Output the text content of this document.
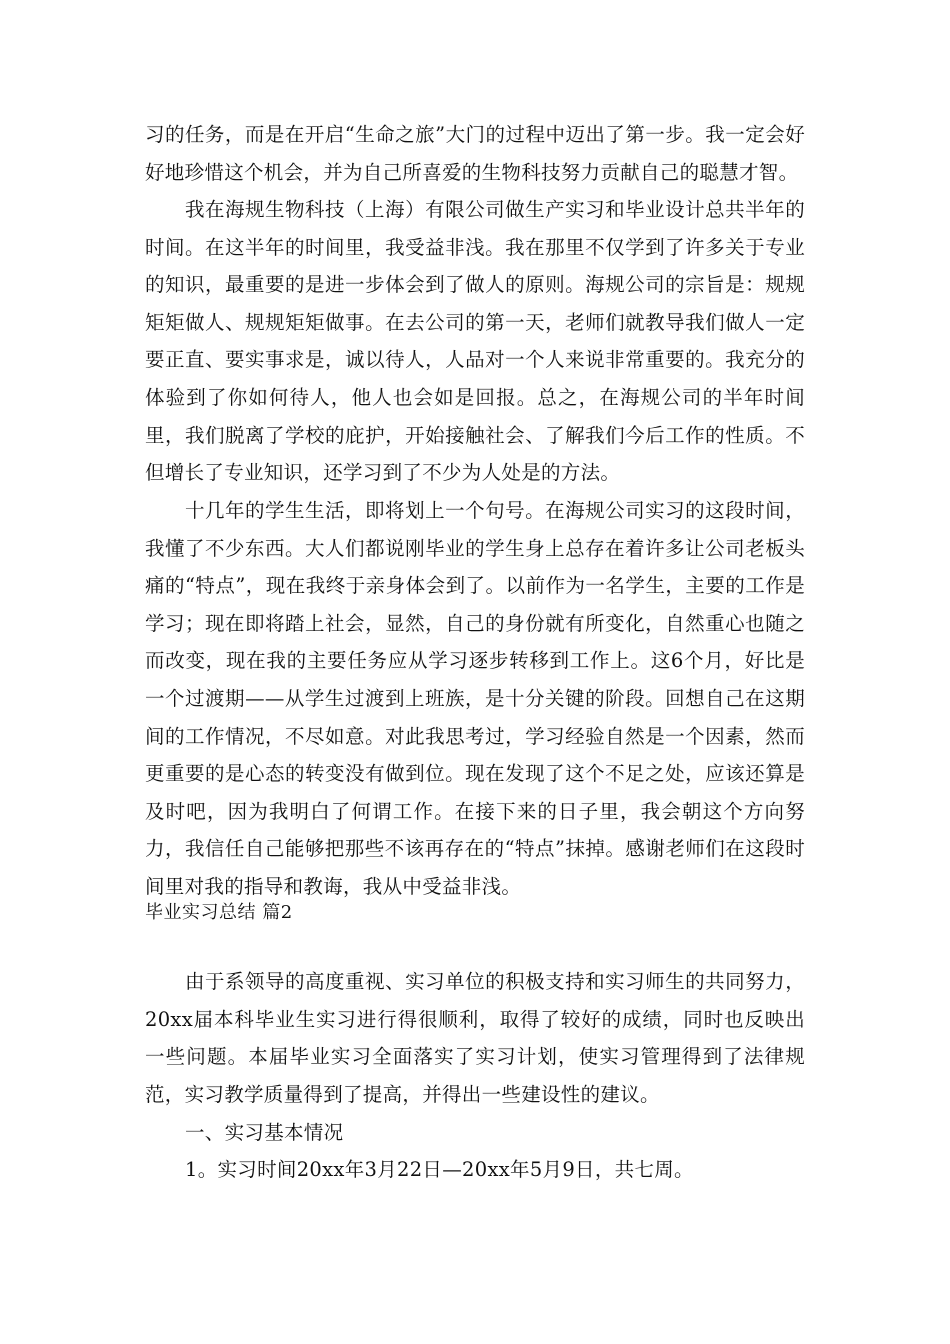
习的任务，而是在开启“生命之旅”大门的过程中迈出了第一步。我一定会好好地珍惜这个机会，并为自己所喜爱的生物科技努力贡献自己的聪慧才智。

我在海规生物科技（上海）有限公司做生产实习和毕业设计总共半年的时间。在这半年的时间里，我受益非浅。我在那里不仅学到了许多关于专业的知识，最重要的是进一步体会到了做人的原则。海规公司的宗旨是：规规矩矩做人、规规矩矩做事。在去公司的第一天，老师们就教导我们做人一定要正直、要实事求是，诚以待人，人品对一个人来说非常重要的。我充分的体验到了你如何待人，他人也会如是回报。总之，在海规公司的半年时间里，我们脱离了学校的庇护，开始接触社会、了解我们今后工作的性质。不但增长了专业知识，还学习到了不少为人处是的方法。

十几年的学生生活，即将划上一个句号。在海规公司实习的这段时间，我懂了不少东西。大人们都说刚毕业的学生身上总存在着许多让公司老板头痛的“特点”，现在我终于亲身体会到了。以前作为一名学生，主要的工作是学习；现在即将踏上社会，显然，自己的身份就有所变化，自然重心也随之而改变，现在我的主要任务应从学习逐步转移到工作上。这6个月，好比是一个过渡期——从学生过渡到上班族，是十分关键的阶段。回想自己在这期间的工作情况，不尽如意。对此我思考过，学习经验自然是一个因素，然而更重要的是心态的转变没有做到位。现在发现了这个不足之处，应该还算是及时吧，因为我明白了何谓工作。在接下来的日子里，我会朝这个方向努力，我信任自己能够把那些不该再存在的“特点”抹掉。感谢老师们在这段时间里对我的指导和教诲，我从中受益非浅。

毕业实习总结 篇2

由于系领导的高度重视、实习单位的积极支持和实习师生的共同努力，20xx届本科毕业生实习进行得很顺利，取得了较好的成绩，同时也反映出一些问题。本届毕业实习全面落实了实习计划，使实习管理得到了法律规范，实习教学质量得到了提高，并得出一些建设性的建议。

一、实习基本情况

1。实习时间20xx年3月22日—20xx年5月9日，共七周。
